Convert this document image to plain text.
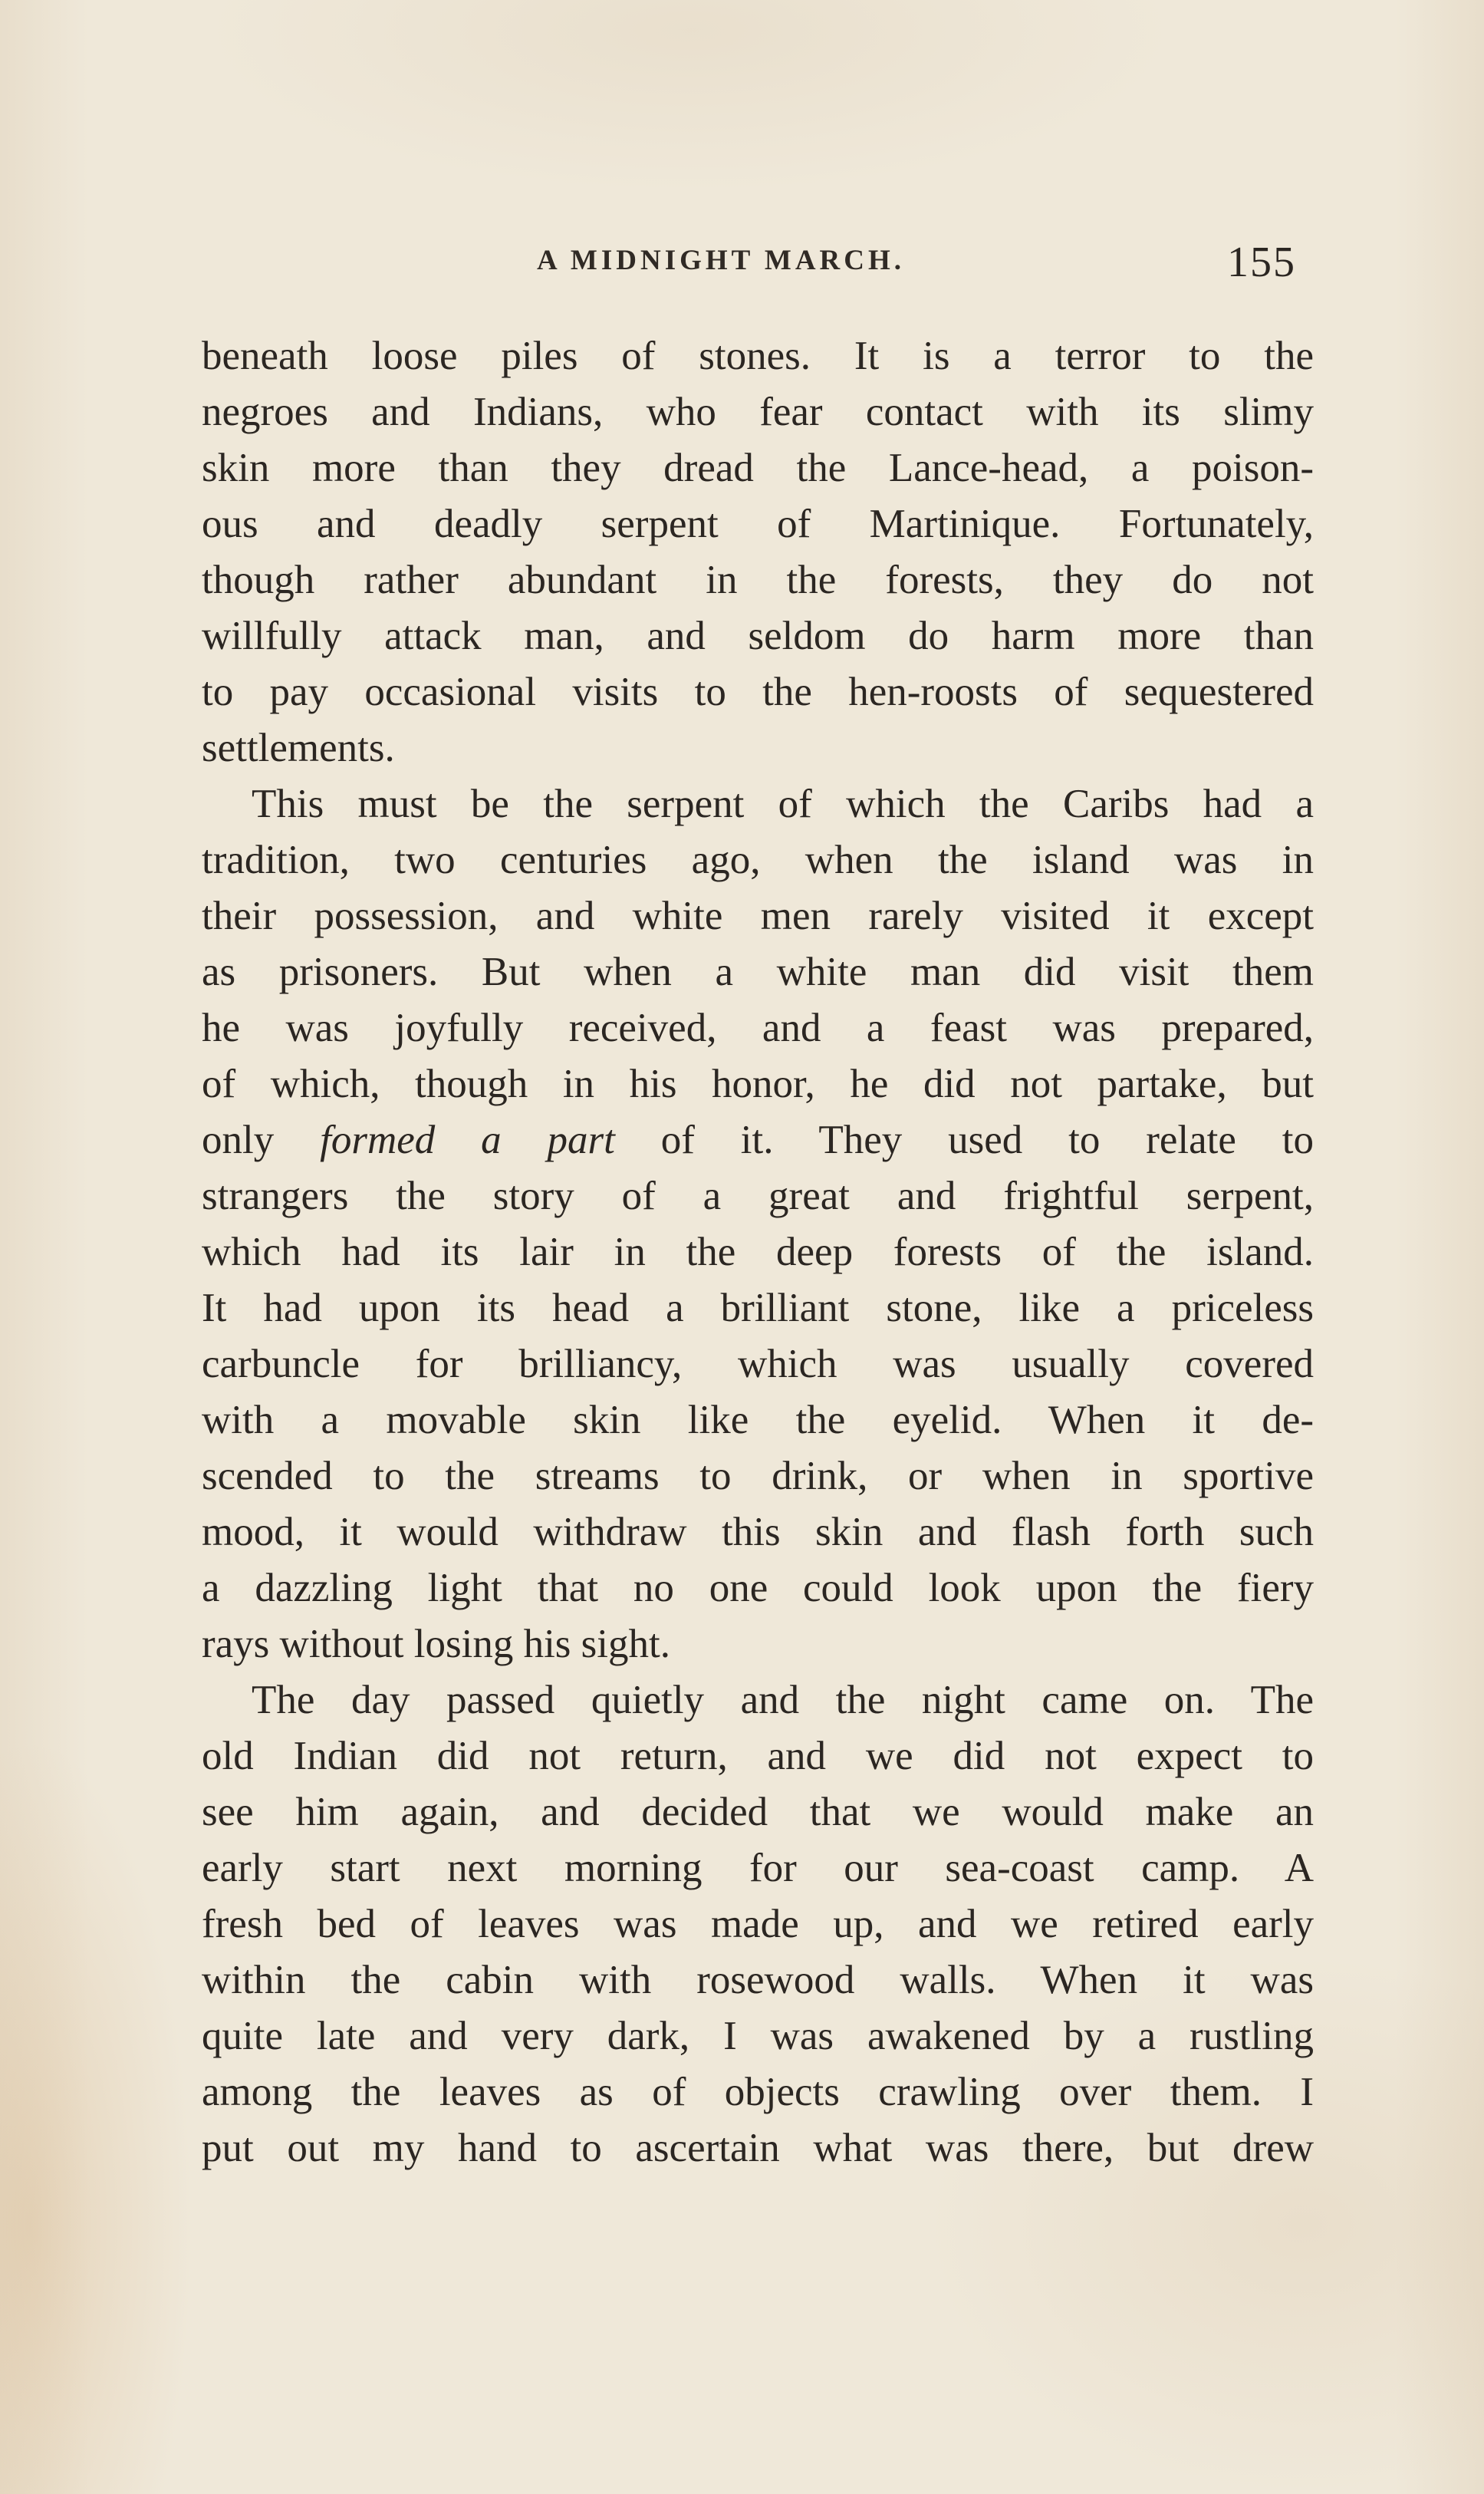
A MIDNIGHT MARCH.	155
beneath loose piles of stones. It is a terror to the
negroes and Indians, who fear contact with its slimy
skin more than they dread the Lance-head, a poison-
ous and deadly serpent of Martinique. Fortunately,
though rather abundant in the forests, they do not
willfully attack man, and seldom do harm more than
to pay occasional visits to the hen-roosts of sequestered
settlements.
This must be the serpent of which the Caribs had a
tradition, two centuries ago, when the island was in
their possession, and white men rarely visited it except
as prisoners. But when a white man did visit them
he was joyfully received, and a feast was prepared,
of which, though in his honor, he did not partake, but
only formed a part of it. They used to relate to
strangers the story of a great and frightful serpent,
which had its lair in the deep forests of the island.
It had upon its head a brilliant stone, like a priceless
carbuncle for brilliancy, which was usually covered
with a movable skin like the eyelid. When it de-
scended to the streams to drink, or when in sportive
mood, it would withdraw this skin and flash forth such
a dazzling light that no one could look upon the fiery
rays without losing his sight.
The day passed quietly and the night came on. The
old Indian did not return, and we did not expect to
see him again, and decided that we would make an
early start next morning for our sea-coast camp. A
fresh bed of leaves was made up, and we retired early
within the cabin with rosewood walls. When it was
quite late and very dark, I was awakened by a rustling
among the leaves as of objects crawling over them. I
put out my hand to ascertain what was there, but drew
